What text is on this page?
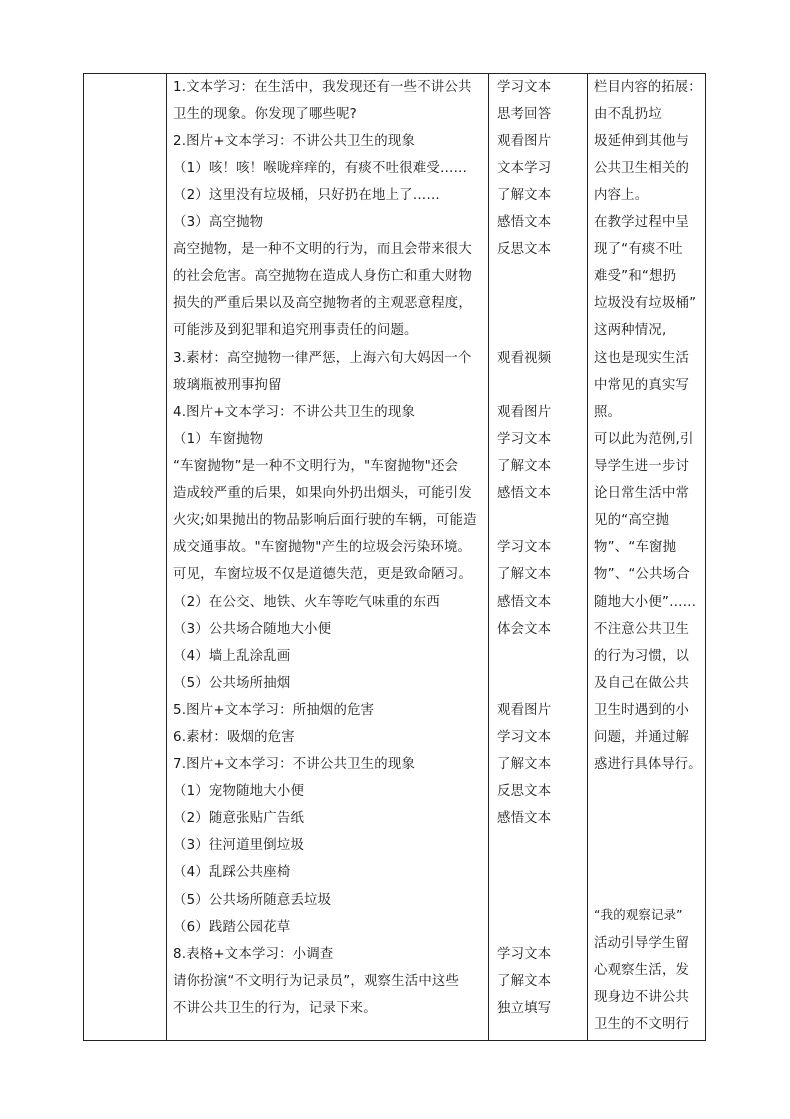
1.文本学习：在生活中，我发现还有一些不讲公共
卫生的现象。你发现了哪些呢?
2.图片+文本学习：不讲公共卫生的现象
（1）咳！咳！喉咙痒痒的，有痰不吐很难受……
（2）这里没有垃圾桶，只好扔在地上了……
（3）高空抛物
高空抛物，是一种不文明的行为，而且会带来很大
的社会危害。高空抛物在造成人身伤亡和重大财物
损失的严重后果以及高空抛物者的主观恶意程度，
可能涉及到犯罪和追究刑事责任的问题。
3.素材：高空抛物一律严惩，上海六旬大妈因一个
玻璃瓶被刑事拘留
4.图片+文本学习：不讲公共卫生的现象
（1）车窗抛物
“车窗抛物”是一种不文明行为，"车窗抛物"还会
造成较严重的后果，如果向外扔出烟头，可能引发
火灾;如果抛出的物品影响后面行驶的车辆，可能造
成交通事故。"车窗抛物"产生的垃圾会污染环境。
可见，车窗垃圾不仅是道德失范，更是致命陋习。
（2）在公交、地铁、火车等吃气味重的东西
（3）公共场合随地大小便
（4）墙上乱涂乱画
（5）公共场所抽烟
5.图片+文本学习：所抽烟的危害
6.素材：吸烟的危害
7.图片+文本学习：不讲公共卫生的现象
（1）宠物随地大小便
（2）随意张贴广告纸
（3）往河道里倒垃圾
（4）乱踩公共座椅
（5）公共场所随意丢垃圾
（6）践踏公园花草
8.表格+文本学习：小调查
请你扮演“不文明行为记录员”，观察生活中这些
不讲公共卫生的行为，记录下来。
学习文本
思考回答
观看图片
文本学习
了解文本
感悟文本
反思文本
观看视频
观看图片
学习文本
了解文本
感悟文本
学习文本
了解文本
感悟文本
体会文本
观看图片
学习文本
了解文本
反思文本
感悟文本
学习文本
了解文本
独立填写
栏目内容的拓展：
由不乱扔垃
圾延伸到其他与
公共卫生相关的
内容上。
在教学过程中呈
现了“有痰不吐
难受”和“想扔
垃圾没有垃圾桶”
这两种情况,
这也是现实生活
中常见的真实写
照。
可以此为范例,引
导学生进一步讨
论日常生活中常
见的“高空抛
物”、“车窗抛
物”、“公共场合
随地大小便”……
不注意公共卫生
的行为习惯，以
及自己在做公共
卫生时遇到的小
问题，并通过解
惑进行具体导行。
“我的观察记录”
活动引导学生留
心观察生活，发
现身边不讲公共
卫生的不文明行
